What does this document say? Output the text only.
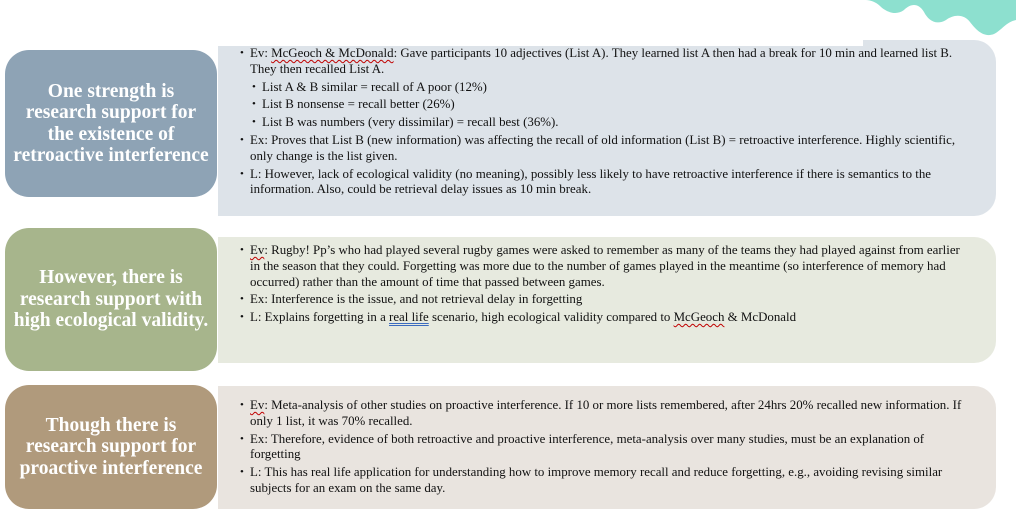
• Ev: McGeoch & McDonald: Gave participants 10 adjectives (List A). They learned list A then had a break for 10 min and learned list B. They then recalled List A.
• List A & B similar = recall of A poor (12%)
• List B nonsense = recall better (26%)
• List B was numbers (very dissimilar) = recall best (36%).
• Ex: Proves that List B (new information) was affecting the recall of old information (List B) = retroactive interference. Highly scientific, only change is the list given.
• L: However, lack of ecological validity (no meaning), possibly less likely to have retroactive interference if there is semantics to the information. Also, could be retrieval delay issues as 10 min break.
One strength is research support for the existence of retroactive interference
• Ev: Rugby! Pp’s who had played several rugby games were asked to remember as many of the teams they had played against from earlier in the season that they could. Forgetting was more due to the number of games played in the meantime (so interference of memory had occurred) rather than the amount of time that passed between games.
• Ex: Interference is the issue, and not retrieval delay in forgetting
• L: Explains forgetting in a real life scenario, high ecological validity compared to McGeoch & McDonald
However, there is research support with high ecological validity.
• Ev: Meta-analysis of other studies on proactive interference. If 10 or more lists remembered, after 24hrs 20% recalled new information. If only 1 list, it was 70% recalled.
• Ex: Therefore, evidence of both retroactive and proactive interference, meta-analysis over many studies, must be an explanation of forgetting
• L: This has real life application for understanding how to improve memory recall and reduce forgetting, e.g., avoiding revising similar subjects for an exam on the same day.
Though there is research support for proactive interference
